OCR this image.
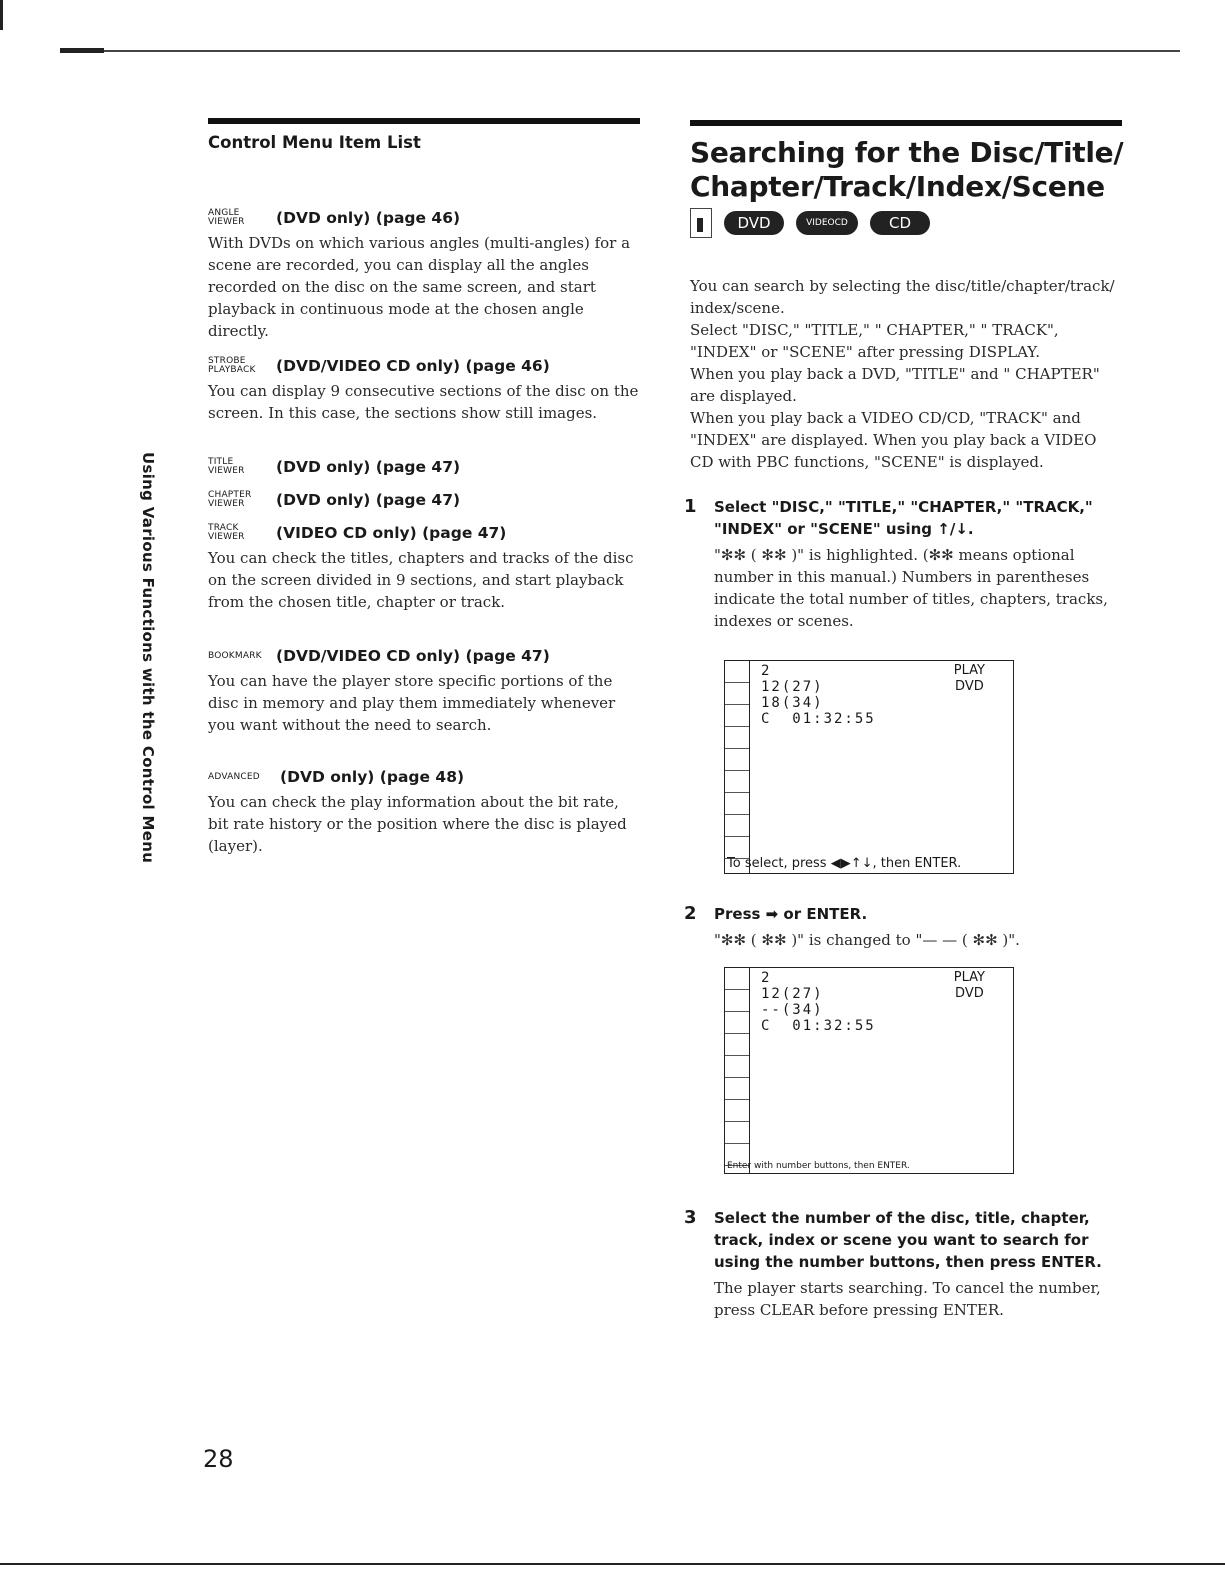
Using Various Functions with the Control Menu
Control Menu Item List
ANGLE
VIEWER	(DVD only) (page 46)
With DVDs on which various angles (multi-angles) for a scene are recorded, you can display all the angles recorded on the disc on the same screen, and start playback in continuous mode at the chosen angle directly.
STROBE
PLAYBACK	(DVD/VIDEO CD only) (page 46)
You can display 9 consecutive sections of the disc on the screen. In this case, the sections show still images.
TITLE
VIEWER	(DVD only) (page 47)
CHAPTER
VIEWER	(DVD only) (page 47)
TRACK
VIEWER	(VIDEO CD only) (page 47)
You can check the titles, chapters and tracks of the disc on the screen divided in 9 sections, and start playback from the chosen title, chapter or track.
BOOKMARK (DVD/VIDEO CD only) (page 47)
You can have the player store specific portions of the disc in memory and play them immediately whenever you want without the need to search.
ADVANCED	(DVD only) (page 48)
You can check the play information about the bit rate, bit rate history or the position where the disc is played (layer).
Searching for the Disc/Title/
Chapter/Track/Index/Scene
DVD	VIDEO CD	CD

You can search by selecting the disc/title/chapter/track/ index/scene.

Select "DISC," "TITLE," " CHAPTER," " TRACK", "INDEX" or "SCENE" after pressing DISPLAY.

When you play back a DVD, "TITLE" and " CHAPTER" are displayed.

When you play back a VIDEO CD/CD, "TRACK" and "INDEX" are displayed. When you play back a VIDEO CD with PBC functions, "SCENE" is displayed.

1 Select "DISC," "TITLE," "CHAPTER," "TRACK," "INDEX" or "SCENE" using ↑/↓.
"✻✻ ( ✻✻ )" is highlighted. (✻✻ means optional number in this manual.) Numbers in parentheses indicate the total number of titles, chapters, tracks, indexes or scenes.
2
12(27)
18(34)
C  01:32:55
PLAY
DVD
To select, press ◀▶↑↓, then ENTER.
2 Press ➡ or ENTER.
"✻✻ ( ✻✻ )" is changed to "— — ( ✻✻ )".
2
12(27)
--(34)
C  01:32:55
PLAY
DVD
Enter with number buttons, then ENTER.
3 Select the number of the disc, title, chapter, track, index or scene you want to search for using the number buttons, then press ENTER.
The player starts searching. To cancel the number, press CLEAR before pressing ENTER.
28
